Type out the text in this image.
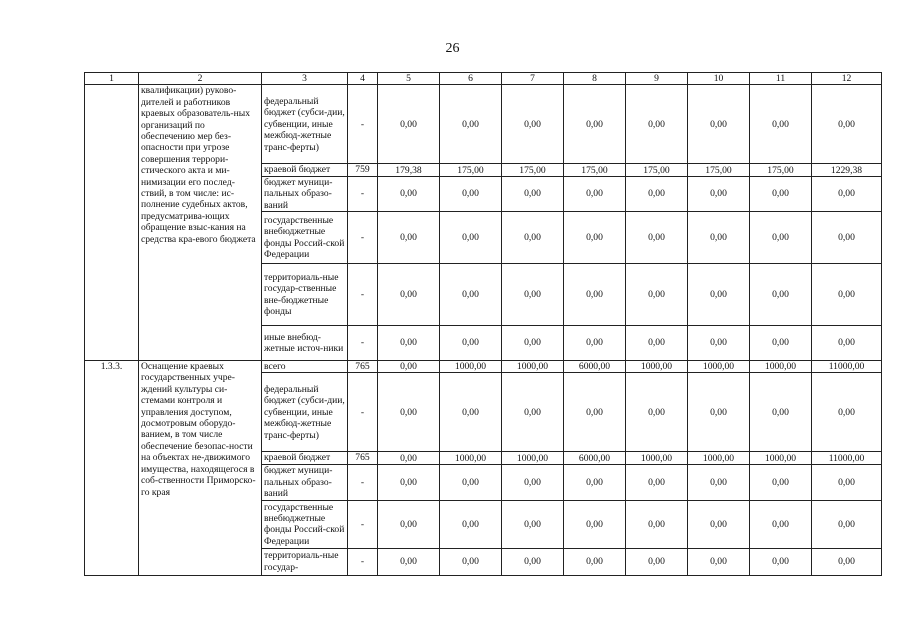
26
1	2	3	4	5	6	7	8	9	10	11	12
	квалификации) руково-дителей и работников краевых образователь-ных организаций по обеспечению мер без-опасности при угрозе совершения террори-стического акта и ми-нимизации его послед-ствий, в том числе: ис-полнение судебных актов, предусматрива-ющих обращение взыс-кания на средства кра-евого бюджета	федеральный бюджет (субси-дии, субвенции, иные межбюд-жетные транс-ферты)	-	0,00	0,00	0,00	0,00	0,00	0,00	0,00	0,00
		краевой бюджет	759	179,38	175,00	175,00	175,00	175,00	175,00	175,00	1229,38
		бюджет муници-пальных образо-ваний	-	0,00	0,00	0,00	0,00	0,00	0,00	0,00	0,00
		государственные внебюджетные фонды Россий-ской Федерации	-	0,00	0,00	0,00	0,00	0,00	0,00	0,00	0,00
		территориаль-ные государ-ственные вне-бюджетные фонды	-	0,00	0,00	0,00	0,00	0,00	0,00	0,00	0,00
		иные внебюд-жетные источ-ники	-	0,00	0,00	0,00	0,00	0,00	0,00	0,00	0,00
1.3.3.	Оснащение краевых государственных учре-ждений культуры си-стемами контроля и управления доступом, досмотровым оборудо-ванием, в том числе обеспечение безопас-ности на объектах не-движимого имущества, находящегося в соб-ственности Приморско-го края	всего	765	0,00	1000,00	1000,00	6000,00	1000,00	1000,00	1000,00	11000,00
		федеральный бюджет (субси-дии, субвенции, иные межбюд-жетные транс-ферты)	-	0,00	0,00	0,00	0,00	0,00	0,00	0,00	0,00
		краевой бюджет	765	0,00	1000,00	1000,00	6000,00	1000,00	1000,00	1000,00	11000,00
		бюджет муници-пальных образо-ваний	-	0,00	0,00	0,00	0,00	0,00	0,00	0,00	0,00
		государственные внебюджетные фонды Россий-ской Федерации	-	0,00	0,00	0,00	0,00	0,00	0,00	0,00	0,00
		территориаль-ные государ-	-	0,00	0,00	0,00	0,00	0,00	0,00	0,00	0,00
